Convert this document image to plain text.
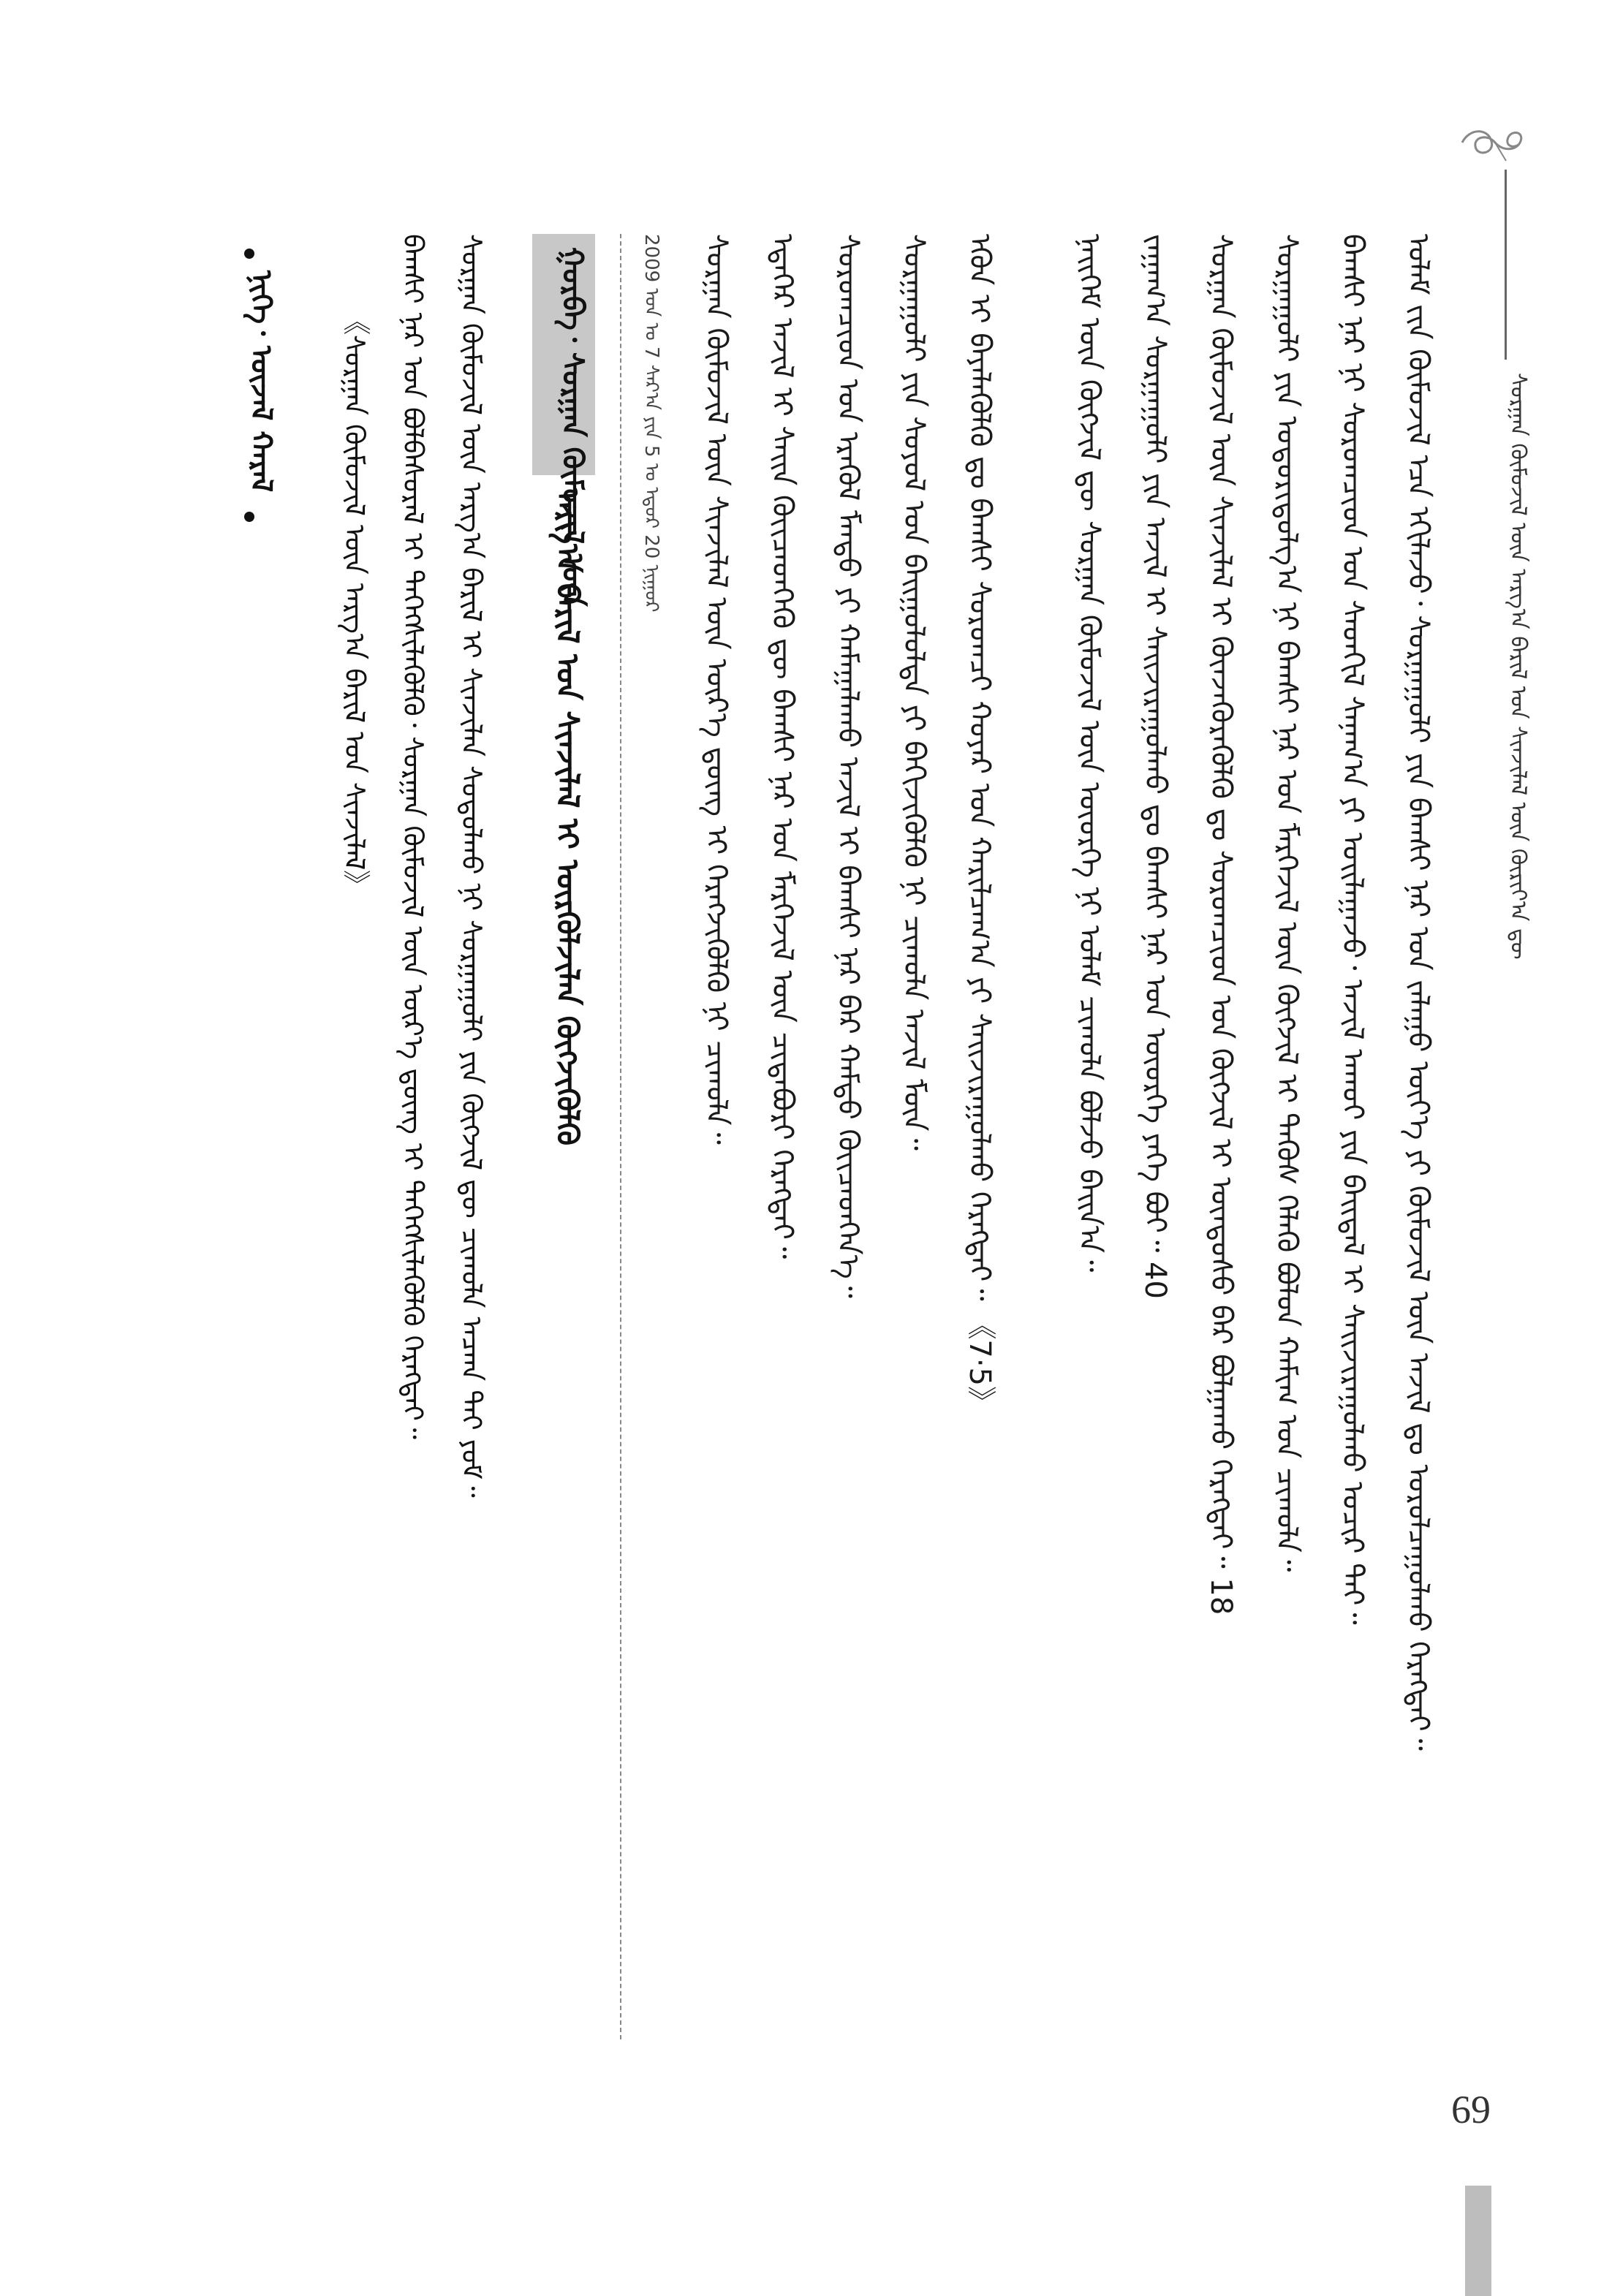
69
ᠰᠤᠷᠭᠠᠨ ᠬᠦᠮᠦᠵᠢᠯ ᠦᠨ ᠠᠷᠭ᠎ᠠ ᠪᠠᠷᠢᠯ ᠤᠨ ᠰᠢᠨᠵᠢᠯᠡᠯ ᠦᠨ ᠬᠦᠷᠢᠶ᠎ᠡᠨ ᠳᠦ
ᠤᠯᠠᠮ ᠵᠢᠨ ᠬᠦᠮᠦᠵᠢᠯ ᠡᠴᠡ ᠡᠬᠢᠯᠡᠵᠦ᠂ ᠰᠤᠷᠭᠠᠭᠤᠯᠢ ᠶᠢᠨ ᠪᠠᠭᠰᠢ ᠨᠠᠷ ᠤᠨ ᠵᠠᠯᠠᠭᠤ ᠦᠶ᠎ᠡ ᠶᠢ ᠬᠦᠮᠦᠵᠢᠯ ᠦᠨ ᠠᠵᠢᠯ ᠳᠤ ᠣᠷᠣᠯᠴᠠᠭᠤᠯᠬᠤ ᠬᠡᠷᠡᠭᠲᠡᠢ᠃
ᠪᠠᠭᠰᠢ ᠨᠠᠷ ᠨᠢ ᠰᠤᠷᠤᠭᠴᠢᠳ ᠤᠨ ᠰᠡᠳᠬᠢᠯ ᠰᠠᠨᠠᠭ᠎ᠠ ᠶᠢ ᠣᠢᠯᠠᠭᠠᠵᠤ᠂ ᠠᠵᠢᠯ ᠠᠬᠤᠢ ᠶᠢᠨ ᠪᠠᠢᠳᠠᠯ ᠢ ᠰᠠᠢᠵᠢᠷᠠᠭᠤᠯᠬᠤ ᠤᠴᠢᠷ ᠲᠠᠢ᠃
ᠰᠤᠷᠭᠠᠭᠤᠯᠢ ᠶᠢᠨ ᠤᠳᠤᠷᠢᠳᠤᠯᠭ᠎ᠠ ᠨᠢ ᠪᠠᠭᠰᠢ ᠨᠠᠷ ᠤᠨ ᠮᠡᠷᠭᠡᠵᠢᠯ ᠦᠨ ᠬᠥᠭᠵᠢᠯ ᠢ ᠲᠡᠭᠦᠰ ᠬᠡᠯᠡᠬᠦ ᠪᠤᠯᠤᠨ ᠬᠠᠮᠢᠭ ᠤᠨ ᠴᠢᠬᠤᠯᠠ᠃
ᠰᠤᠷᠭᠠᠨ ᠬᠦᠮᠦᠵᠢᠯ ᠦᠨ ᠰᠢᠨᠵᠢᠯᠡᠯ ᠢ ᠭᠦᠨᠵᠡᠭᠦᠷᠡᠭᠦᠯᠬᠦ ᠳᠤ ᠰᠤᠷᠤᠭᠴᠢᠳ ᠤᠨ ᠬᠥᠭᠵᠢᠯ ᠢ ᠦᠨᠳᠦᠰᠦ ᠪᠠᠷ ᠪᠣᠯᠭᠠᠬᠤ ᠬᠡᠷᠡᠭᠲᠡᠢ᠃ 18
ᠵᠠᠭᠠᠭ᠎ᠠ ᠰᠤᠷᠭᠠᠭᠤᠯᠢ ᠶᠢᠨ ᠠᠵᠢᠯ ᠢ ᠰᠠᠢᠵᠢᠷᠠᠭᠤᠯᠬᠤ ᠳᠤ ᠪᠠᠭᠰᠢ ᠨᠠᠷ ᠤᠨ ᠦᠦᠷᠭᠡ ᠶᠡᠬᠡ ᠪᠤᠢ᠃ 40
ᠨᠡᠢᠭᠡᠮ ᠦᠨ ᠬᠥᠭᠵᠢᠯ ᠳᠦ ᠰᠤᠷᠭᠠᠨ ᠬᠦᠮᠦᠵᠢᠯ ᠦᠨ ᠦᠦᠷᠭᠡ ᠨᠢ ᠤᠯᠠᠮ ᠴᠢᠬᠤᠯᠠ ᠪᠣᠯᠵᠤ ᠪᠠᠢᠨ᠎ᠠ᠃
ᠡᠭᠦᠨ ᠢ ᠪᠡᠶᠡᠯᠡᠭᠦᠯᠬᠦ ᠳᠤ ᠪᠠᠭᠰᠢ ᠰᠤᠷᠤᠭᠴᠢ ᠬᠣᠶᠠᠷ ᠤᠨ ᠬᠠᠷᠢᠯᠴᠠᠭ᠎ᠠ ᠶᠢ ᠰᠠᠢᠵᠢᠷᠠᠭᠤᠯᠬᠤ ᠬᠡᠷᠡᠭᠲᠡᠢ᠃ 《7·5》
ᠰᠤᠷᠭᠠᠭᠤᠯᠢ ᠶᠢᠨ ᠰᠣᠶᠣᠯ ᠤᠨ ᠪᠠᠢᠭᠤᠯᠤᠯᠲᠠ ᠶᠢ ᠪᠡᠬᠢᠵᠢᠭᠦᠯᠬᠦ ᠨᠢ ᠴᠢᠬᠤᠯᠠ ᠠᠵᠢᠯ ᠮᠥᠨ᠃
ᠰᠤᠷᠤᠭᠴᠢᠳ ᠤᠨ ᠡᠷᠡᠭᠦᠯ ᠮᠡᠨᠳᠦ ᠶᠢ ᠬᠠᠮᠠᠭᠠᠯᠠᠬᠤ ᠠᠵᠢᠯ ᠢ ᠪᠠᠭᠰᠢ ᠨᠠᠷ ᠪᠡᠷ ᠬᠠᠮᠲᠤ ᠭᠦᠢᠴᠡᠳᠬᠡᠨ᠎ᠡ᠃
ᠡᠳᠡᠭᠡᠷ ᠠᠵᠢᠯ ᠢ ᠰᠠᠢᠨ ᠭᠦᠢᠴᠡᠳᠬᠡᠬᠦ ᠳᠦ ᠪᠠᠭᠰᠢ ᠨᠠᠷ ᠤᠨ ᠮᠡᠷᠭᠡᠵᠢᠯ ᠦᠨ ᠴᠢᠳᠠᠪᠤᠷᠢ ᠬᠡᠷᠡᠭᠲᠡᠢ᠃
ᠰᠤᠷᠭᠠᠨ ᠬᠦᠮᠦᠵᠢᠯ ᠦᠨ ᠰᠢᠨᠵᠢᠯᠡᠯ ᠦᠨ ᠦᠷ᠎ᠡ ᠳ᠋ᠦᠩ ᠢ ᠬᠡᠷᠡᠭᠵᠢᠭᠦᠯᠬᠦ ᠨᠢ ᠴᠢᠬᠤᠯᠠ᠃
2009 ᠣᠨ ᠤ 7 ᠰᠠᠷ᠎ᠠ ᠶᠢᠨ 5 ᠤ ᠡᠳᠦᠷ 20 ᠨᠢᠭᠤᠷ
ᠭᠤᠷᠪᠠ᠂ ᠰᠤᠷᠭᠠᠨ ᠬᠦᠮᠦᠵᠢᠯ ᠦᠨ
ᠠᠷᠭ᠎ᠠ ᠪᠠᠷᠢᠯ ᠤᠨ ᠰᠢᠨᠵᠢᠯᠡᠯ ᠢ ᠦᠷᠭᠦᠯᠵᠢᠯᠡᠨ ᠬᠥᠭᠵᠢᠭᠦᠯᠬᠦ
ᠰᠤᠷᠭᠠᠨ ᠬᠦᠮᠦᠵᠢᠯ ᠦᠨ ᠠᠷᠭ᠎ᠠ ᠪᠠᠷᠢᠯ ᠢ ᠰᠢᠨᠵᠢᠯᠡᠨ ᠰᠤᠳᠤᠯᠬᠤ ᠨᠢ ᠰᠤᠷᠭᠠᠭᠤᠯᠢ ᠶᠢᠨ ᠬᠥᠭᠵᠢᠯ ᠳᠦ ᠴᠢᠬᠤᠯᠠ ᠠᠴᠬᠠ ᠲᠠᠢ ᠶᠤᠮ᠃
ᠪᠠᠭᠰᠢ ᠨᠠᠷ ᠤᠨ ᠪᠣᠯᠪᠠᠰᠤᠷᠠᠯ ᠢ ᠳᠡᠭᠡᠭᠰᠢᠯᠡᠭᠦᠯᠬᠦ᠂ ᠰᠤᠷᠭᠠᠨ ᠬᠦᠮᠦᠵᠢᠯ ᠦᠨ ᠦᠷ᠎ᠡ ᠳ᠋ᠦᠩ ᠢ ᠳᠡᠭᠡᠭᠰᠢᠯᠡᠭᠦᠯᠬᠦ ᠬᠡᠷᠡᠭᠲᠡᠢ᠃
《ᠰᠤᠷᠭᠠᠨ ᠬᠦᠮᠦᠵᠢᠯ ᠦᠨ ᠠᠷᠭ᠎ᠠ ᠪᠠᠷᠢᠯ ᠤᠨ ᠰᠢᠨᠵᠢᠯᠡᠯ》
ᠨᠢᠭᠡ᠂ ᠦᠵᠡᠯ ᠬᠠᠷᠠᠯ
